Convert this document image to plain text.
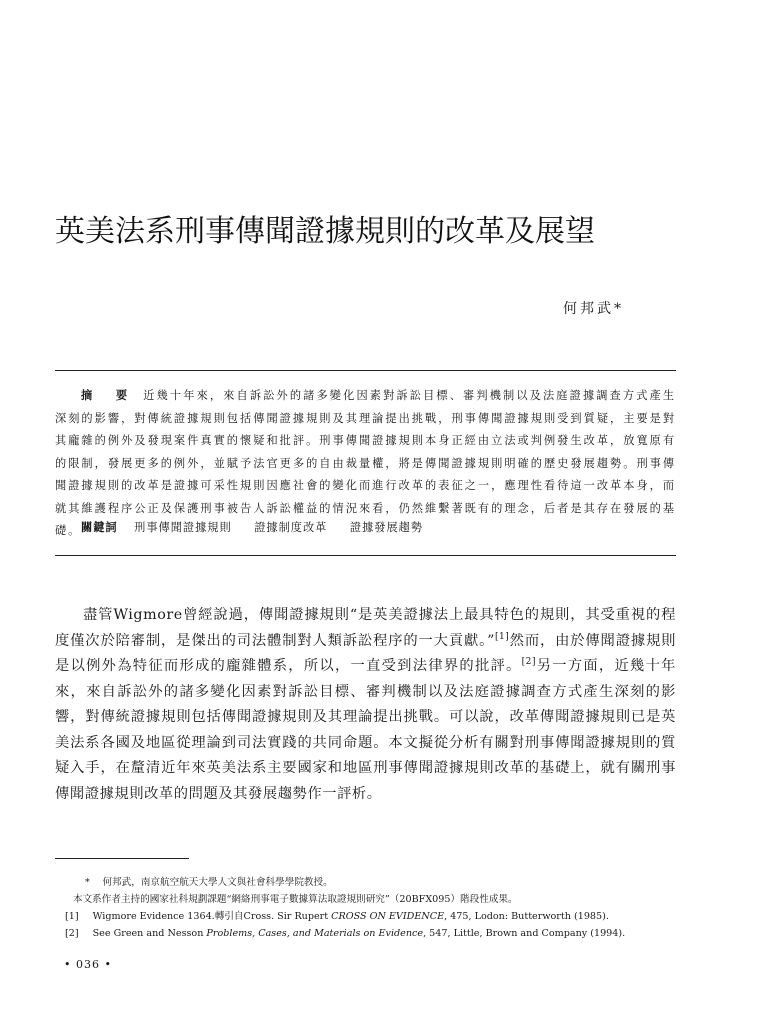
英美法系刑事傳聞證據規則的改革及展望
何邦武*
摘　要 近幾十年來，來自訴訟外的諸多變化因素對訴訟目標、審判機制以及法庭證據調查方式產生深刻的影響，對傳統證據規則包括傳聞證據規則及其理論提出挑戰，刑事傳聞證據規則受到質疑，主要是對其龐雜的例外及發現案件真實的懷疑和批評。刑事傳聞證據規則本身正經由立法或判例發生改革，放寬原有的限制，發展更多的例外，並賦予法官更多的自由裁量權，將是傳聞證據規則明確的歷史發展趨勢。刑事傳聞證據規則的改革是證據可采性規則因應社會的變化而進行改革的表征之一，應理性看待這一改革本身，而就其維護程序公正及保護刑事被告人訴訟權益的情況來看，仍然維繫著既有的理念，后者是其存在發展的基礎。 關鍵詞 刑事傳聞證據規則 證據制度改革 證據發展趨勢

盡管Wigmore曾經說過，傳聞證據規則“是英美證據法上最具特色的規則，其受重視的程度僅次於陪審制，是傑出的司法體制對人類訴訟程序的一大貢獻。”[1]然而，由於傳聞證據規則是以例外為特征而形成的龐雜體系，所以，一直受到法律界的批評。[2]另一方面，近幾十年來，來自訴訟外的諸多變化因素對訴訟目標、審判機制以及法庭證據調查方式產生深刻的影響，對傳統證據規則包括傳聞證據規則及其理論提出挑戰。可以說，改革傳聞證據規則已是英美法系各國及地區從理論到司法實踐的共同命題。本文擬從分析有關對刑事傳聞證據規則的質疑入手，在釐清近年來英美法系主要國家和地區刑事傳聞證據規則改革的基礎上，就有關刑事傳聞證據規則改革的問題及其發展趨勢作一評析。

*　 何邦武，南京航空航天大學人文與社會科學學院教授。
本文系作者主持的國家社科規劃課題“網絡刑事電子數據算法取證規則研究”（20BFX095）階段性成果。
[1]　 Wigmore Evidence 1364.轉引自Cross. Sir Rupert CROSS ON EVIDENCE, 475, Lodon: Butterworth (1985).
[2]　 See Green and Nesson Problems, Cases, and Materials on Evidence, 547, Little, Brown and Company (1994).
• 036 •
